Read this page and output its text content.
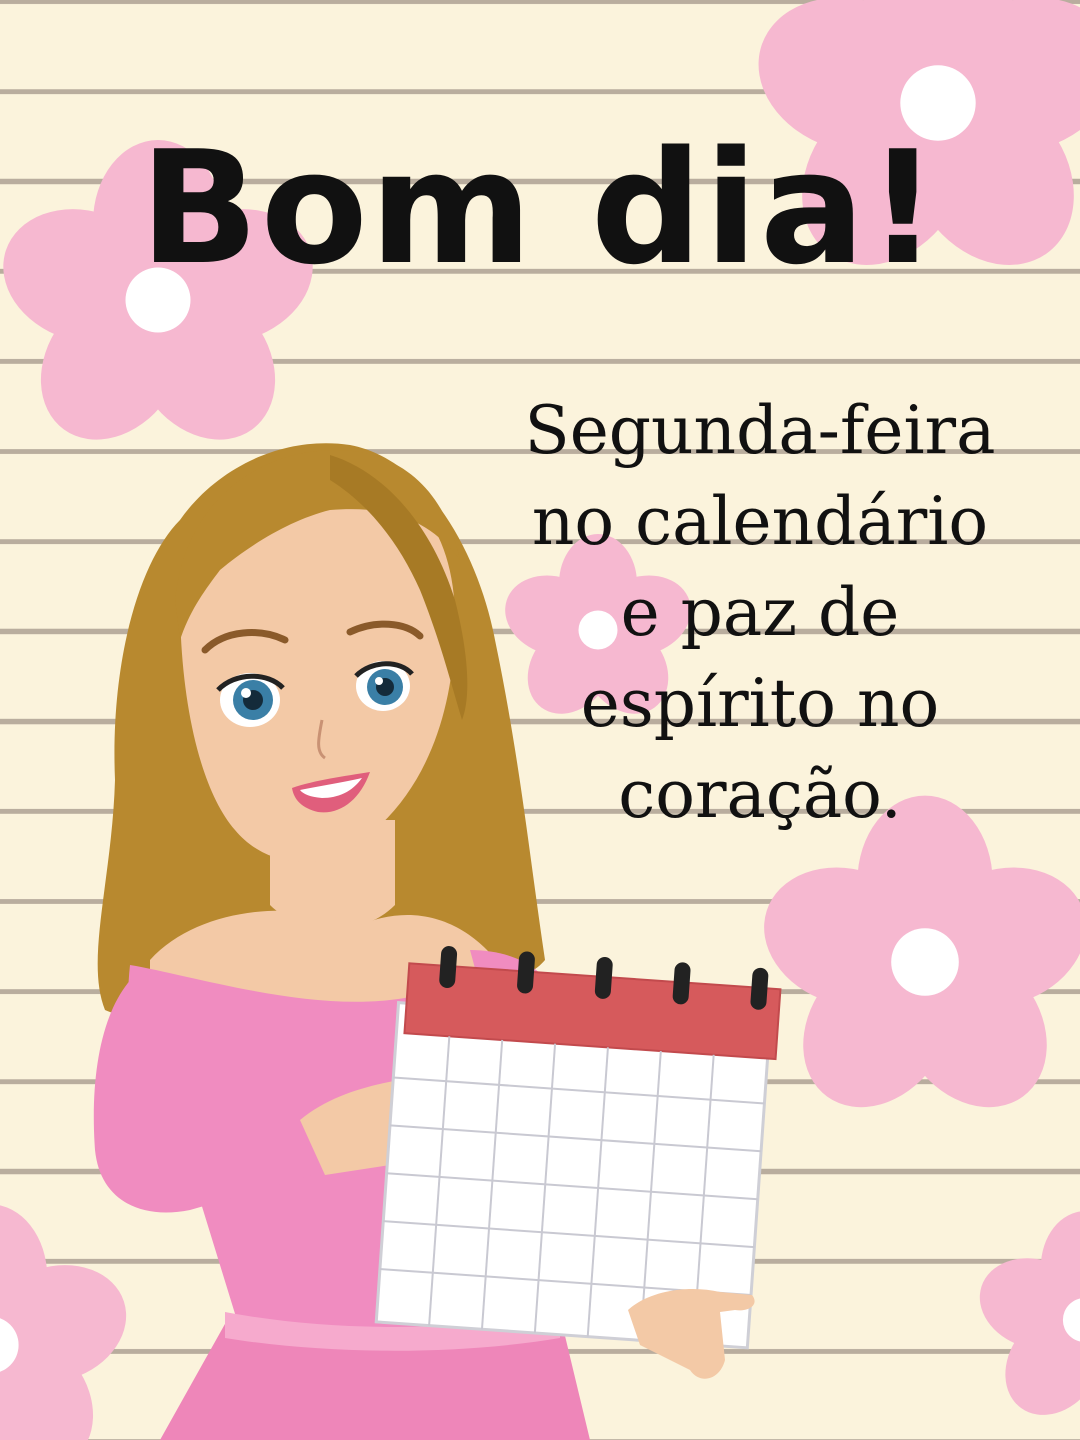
Bom dia!
Segunda-feira
no calendário
e paz de
espírito no
coração.
